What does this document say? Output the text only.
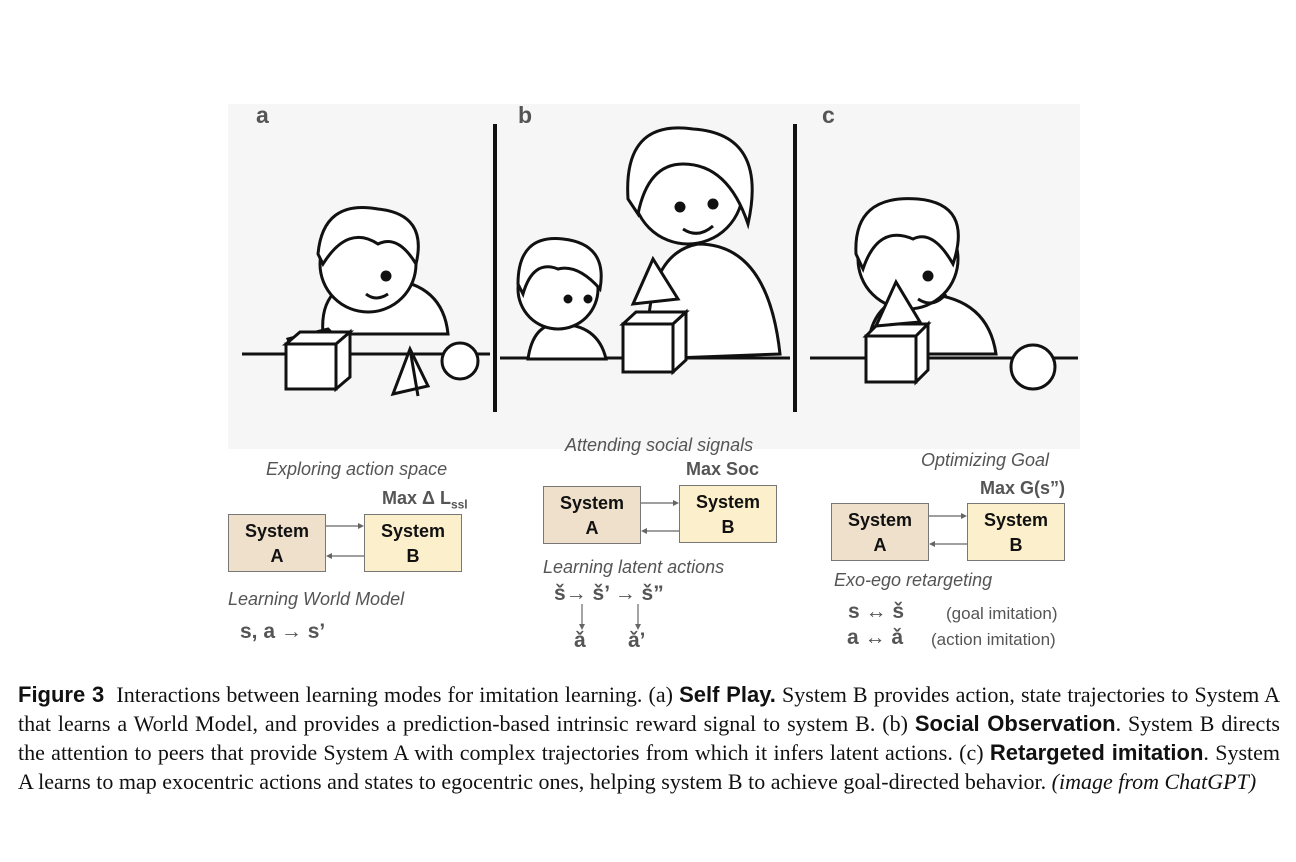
a	b	c
Exploring action space
Max Δ $L_{ssl}$
System
A
System
B
Learning World Model
s, a → s’
Attending social signals
Max Soc
System
A
System
B
Learning latent actions
š→ š’ → š”
ǎ ǎ’
Optimizing Goal
Max G(s”)
System
A
System
B
Exo-ego retargeting
s ↔ š (goal imitation)
a ↔ ǎ (action imitation)
Figure 3 Interactions between learning modes for imitation learning. (a) Self Play. System B provides action, state trajectories to System A that learns a World Model, and provides a prediction-based intrinsic reward signal to system B. (b) Social Observation. System B directs the attention to peers that provide System A with complex trajectories from which it infers latent actions. (c) Retargeted imitation. System A learns to map exocentric actions and states to egocentric ones, helping system B to achieve goal-directed behavior. (image from ChatGPT)
